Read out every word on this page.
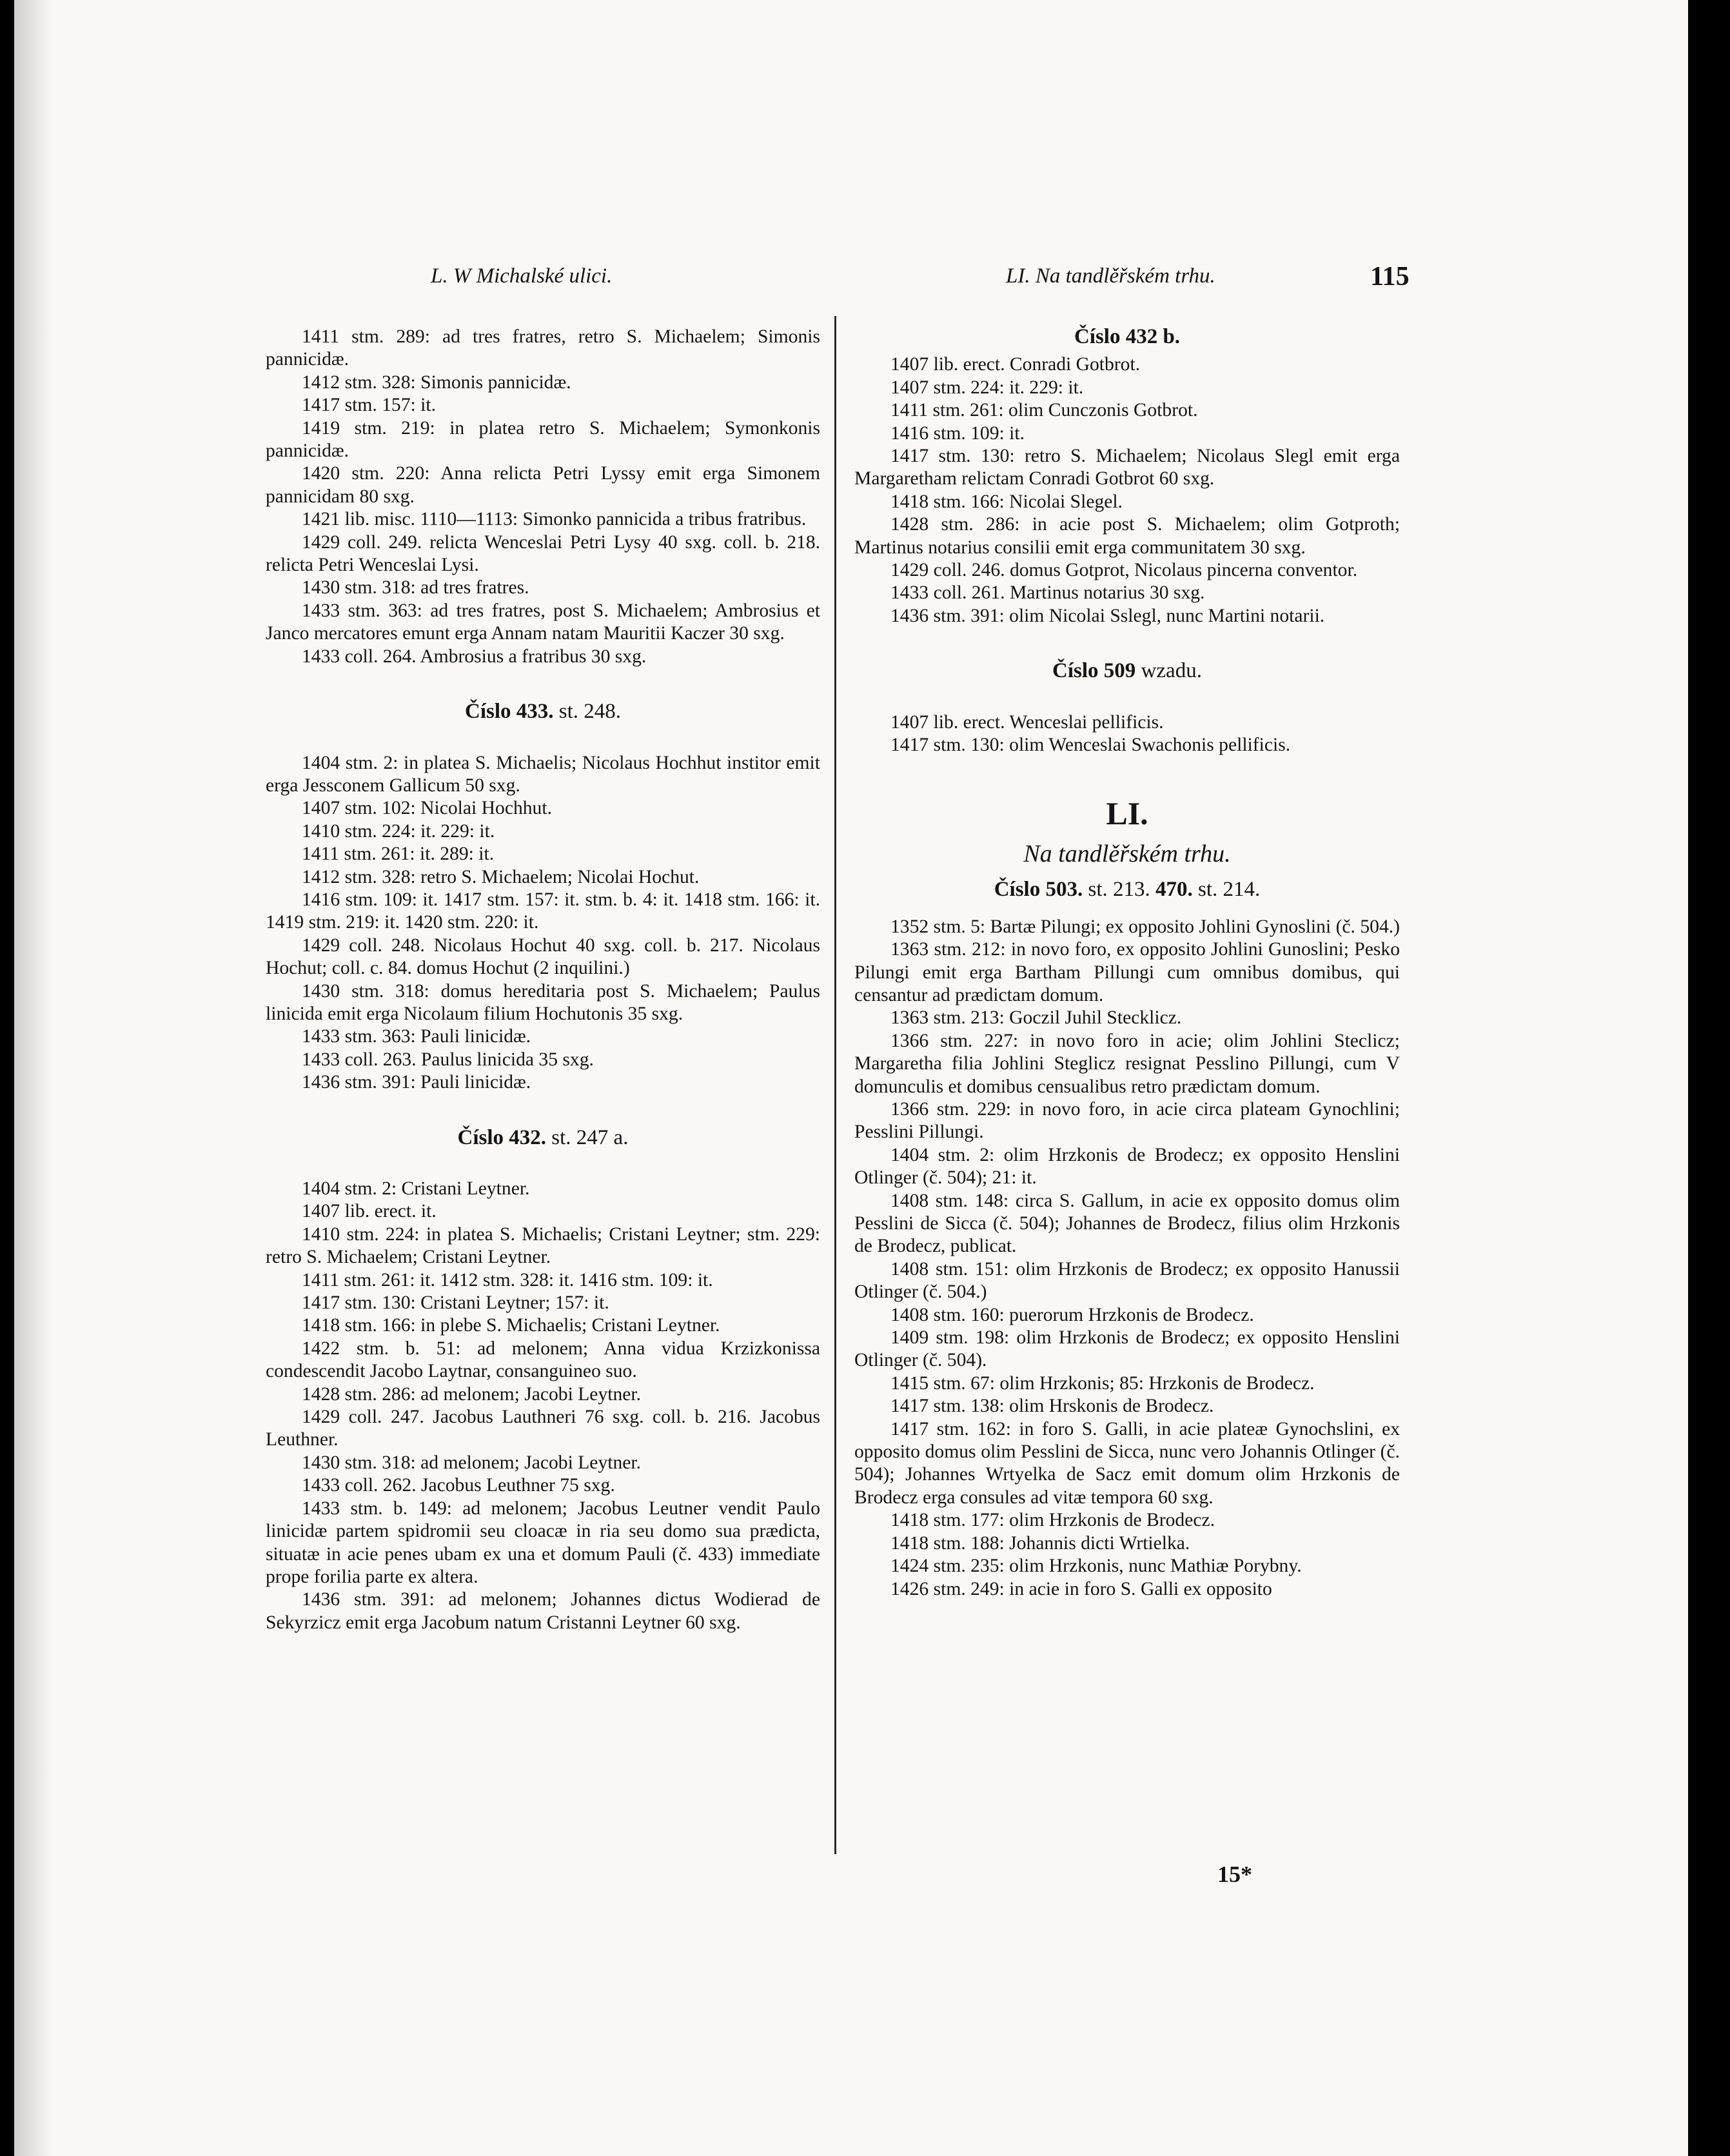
L. W Michalské ulici.	LI. Na tandlěřském trhu.	115

1411 stm. 289: ad tres fratres, retro S. Michaelem; Simonis pannicidæ.

1412 stm. 328: Simonis pannicidæ.

1417 stm. 157: it.

1419 stm. 219: in platea retro S. Michaelem; Symonkonis pannicidæ.

1420 stm. 220: Anna relicta Petri Lyssy emit erga Simonem pannicidam 80 sxg.

1421 lib. misc. 1110—1113: Simonko pannicida a tribus fratribus.

1429 coll. 249. relicta Wenceslai Petri Lysy 40 sxg. coll. b. 218. relicta Petri Wenceslai Lysi.

1430 stm. 318: ad tres fratres.

1433 stm. 363: ad tres fratres, post S. Michaelem; Ambrosius et Janco mercatores emunt erga Annam natam Mauritii Kaczer 30 sxg.

1433 coll. 264. Ambrosius a fratribus 30 sxg.

Číslo 433. st. 248.

1404 stm. 2: in platea S. Michaelis; Nicolaus Hochhut institor emit erga Jessconem Gallicum 50 sxg.

1407 stm. 102: Nicolai Hochhut.

1410 stm. 224: it. 229: it.

1411 stm. 261: it. 289: it.

1412 stm. 328: retro S. Michaelem; Nicolai Hochut.

1416 stm. 109: it. 1417 stm. 157: it. stm. b. 4: it. 1418 stm. 166: it. 1419 stm. 219: it. 1420 stm. 220: it.

1429 coll. 248. Nicolaus Hochut 40 sxg. coll. b. 217. Nicolaus Hochut; coll. c. 84. domus Hochut (2 inquilini.)

1430 stm. 318: domus hereditaria post S. Michaelem; Paulus linicida emit erga Nicolaum filium Hochutonis 35 sxg.

1433 stm. 363: Pauli linicidæ.

1433 coll. 263. Paulus linicida 35 sxg.

1436 stm. 391: Pauli linicidæ.

Číslo 432. st. 247 a.

1404 stm. 2: Cristani Leytner.

1407 lib. erect. it.

1410 stm. 224: in platea S. Michaelis; Cristani Leytner; stm. 229: retro S. Michaelem; Cristani Leytner.

1411 stm. 261: it. 1412 stm. 328: it. 1416 stm. 109: it.

1417 stm. 130: Cristani Leytner; 157: it.

1418 stm. 166: in plebe S. Michaelis; Cristani Leytner.

1422 stm. b. 51: ad melonem; Anna vidua Krzizkonissa condescendit Jacobo Laytnar, consanguineo suo.

1428 stm. 286: ad melonem; Jacobi Leytner.

1429 coll. 247. Jacobus Lauthneri 76 sxg. coll. b. 216. Jacobus Leuthner.

1430 stm. 318: ad melonem; Jacobi Leytner.

1433 coll. 262. Jacobus Leuthner 75 sxg.

1433 stm. b. 149: ad melonem; Jacobus Leutner vendit Paulo linicidæ partem spidromii seu cloacæ in ria seu domo sua prædicta, situatæ in acie penes ubam ex una et domum Pauli (č. 433) immediate prope forilia parte ex altera.

1436 stm. 391: ad melonem; Johannes dictus Wodierad de Sekyrzicz emit erga Jacobum natum Cristanni Leytner 60 sxg.

Číslo 432 b.

1407 lib. erect. Conradi Gotbrot.

1407 stm. 224: it. 229: it.

1411 stm. 261: olim Cunczonis Gotbrot.

1416 stm. 109: it.

1417 stm. 130: retro S. Michaelem; Nicolaus Slegl emit erga Margaretham relictam Conradi Gotbrot 60 sxg.

1418 stm. 166: Nicolai Slegel.

1428 stm. 286: in acie post S. Michaelem; olim Gotproth; Martinus notarius consilii emit erga communitatem 30 sxg.

1429 coll. 246. domus Gotprot, Nicolaus pincerna conventor.

1433 coll. 261. Martinus notarius 30 sxg.

1436 stm. 391: olim Nicolai Sslegl, nunc Martini notarii.

Číslo 509 wzadu.

1407 lib. erect. Wenceslai pellificis.

1417 stm. 130: olim Wenceslai Swachonis pellificis.

LI.
Na tandlěřském trhu.
Číslo 503. st. 213. 470. st. 214.

1352 stm. 5: Bartæ Pilungi; ex opposito Johlini Gynoslini (č. 504.)

1363 stm. 212: in novo foro, ex opposito Johlini Gunoslini; Pesko Pilungi emit erga Bartham Pillungi cum omnibus domibus, qui censantur ad prædictam domum.

1363 stm. 213: Goczil Juhil Stecklicz.

1366 stm. 227: in novo foro in acie; olim Johlini Steclicz; Margaretha filia Johlini Steglicz resignat Pesslino Pillungi, cum V domunculis et domibus censualibus retro prædictam domum.

1366 stm. 229: in novo foro, in acie circa plateam Gynochlini; Pesslini Pillungi.

1404 stm. 2: olim Hrzkonis de Brodecz; ex opposito Henslini Otlinger (č. 504); 21: it.

1408 stm. 148: circa S. Gallum, in acie ex opposito domus olim Pesslini de Sicca (č. 504); Johannes de Brodecz, filius olim Hrzkonis de Brodecz, publicat.

1408 stm. 151: olim Hrzkonis de Brodecz; ex opposito Hanussii Otlinger (č. 504.)

1408 stm. 160: puerorum Hrzkonis de Brodecz.

1409 stm. 198: olim Hrzkonis de Brodecz; ex opposito Henslini Otlinger (č. 504).

1415 stm. 67: olim Hrzkonis; 85: Hrzkonis de Brodecz.

1417 stm. 138: olim Hrskonis de Brodecz.

1417 stm. 162: in foro S. Galli, in acie plateæ Gynochslini, ex opposito domus olim Pesslini de Sicca, nunc vero Johannis Otlinger (č. 504); Johannes Wrtyelka de Sacz emit domum olim Hrzkonis de Brodecz erga consules ad vitæ tempora 60 sxg.

1418 stm. 177: olim Hrzkonis de Brodecz.

1418 stm. 188: Johannis dicti Wrtielka.

1424 stm. 235: olim Hrzkonis, nunc Mathiæ Porybny.

1426 stm. 249: in acie in foro S. Galli ex opposito

15*
